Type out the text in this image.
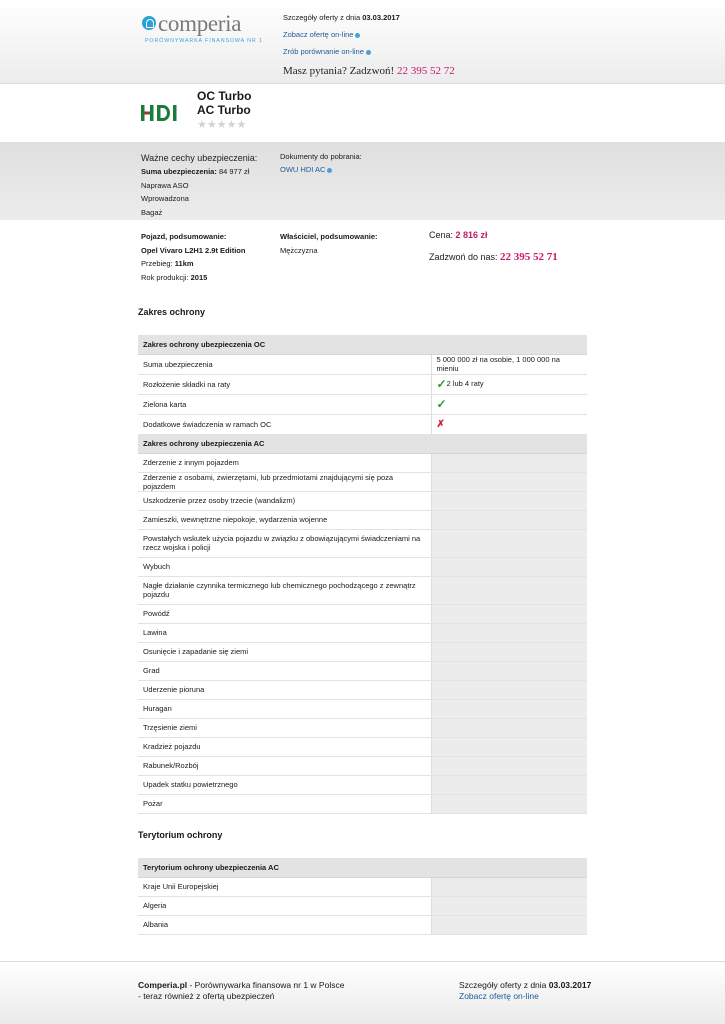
comperia
PORÓWNYWARKA FINANSOWA NR 1
Szczegóły oferty z dnia 03.03.2017
Zobacz ofertę on-line
Zrób porównanie on-line
Masz pytania? Zadzwoń! 22 395 52 72
OC Turbo
AC Turbo
★★★★★
Ważne cechy ubezpieczenia:
Suma ubezpieczenia: 84 977 zł
Naprawa ASO
Wprowadzona
Bagaż
Dokumenty do pobrania:
OWU HDI AC
Pojazd, podsumowanie:
Opel Vivaro L2H1 2.9t Edition
Przebieg: 11km
Rok produkcji: 2015
Właściciel, podsumowanie:
Mężczyzna
Cena: 2 816 zł
Zadzwoń do nas: 22 395 52 71
Zakres ochrony
Zakres ochrony ubezpieczenia OC	
Suma ubezpieczenia	5 000 000 zł na osobie, 1 000 000 na mieniu
Rozłożenie składki na raty	✓2 lub 4 raty
Zielona karta	✓
Dodatkowe świadczenia w ramach OC	✗
Zakres ochrony ubezpieczenia AC	
Zderzenie z innym pojazdem	
Zderzenie z osobami, zwierzętami, lub przedmiotami znajdującymi się poza pojazdem	
Uszkodzenie przez osoby trzecie (wandalizm)	
Zamieszki, wewnętrzne niepokoje, wydarzenia wojenne	
Powstałych wskutek użycia pojazdu w związku z obowiązującymi świadczeniami na rzecz wojska i policji	
Wybuch	
Nagłe działanie czynnika termicznego lub chemicznego pochodzącego z zewnątrz pojazdu	
Powódź	
Lawina	
Osunięcie i zapadanie się ziemi	
Grad	
Uderzenie pioruna	
Huragan	
Trzęsienie ziemi	
Kradzież pojazdu	
Rabunek/Rozbój	
Upadek statku powietrznego	
Pożar	
Terytorium ochrony
Terytorium ochrony ubezpieczenia AC	
Kraje Unii Europejskiej	
Algeria	
Albania	
Comperia.pl - Porównywarka finansowa nr 1 w Polsce
- teraz również z ofertą ubezpieczeń
Szczegóły oferty z dnia 03.03.2017
Zobacz ofertę on-line
